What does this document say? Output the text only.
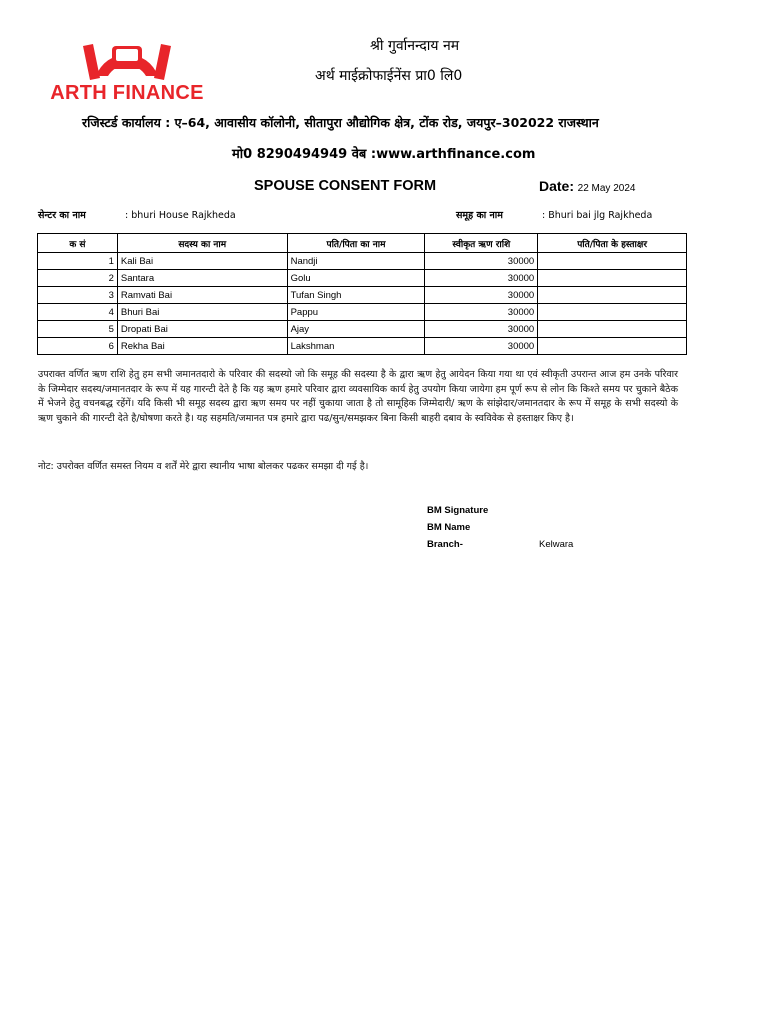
ARTH FINANCE
श्री गुर्वानन्दाय नम
अर्थ माईक्रोफाईनेंस प्रा0 लि0
रजिस्टर्ड कार्यालय : ए–64, आवासीय कॉलोनी, सीतापुरा औद्योगिक क्षेत्र, टोंक रोड, जयपुर–302022 राजस्थान
मो0 8290494949 वेब :www.arthfinance.com
SPOUSE CONSENT FORM	Date: 22 May 2024
सेन्टर का नाम	: bhuri House Rajkheda	समूह का नाम	: Bhuri bai jlg Rajkheda
क सं	सदस्य का नाम	पति/पिता का नाम	स्वीकृत ऋण राशि	पति/पिता के हस्ताक्षर
1	Kali Bai	Nandji	30000	
2	Santara	Golu	30000	
3	Ramvati Bai	Tufan Singh	30000	
4	Bhuri Bai	Pappu	30000	
5	Dropati Bai	Ajay	30000	
6	Rekha Bai	Lakshman	30000	
उपराक्त वर्णित ऋण राशि हेतु हम सभी जमानतदारो के परिवार की सदस्यो जो कि समूह की सदस्या है के द्वारा ऋण हेतु आयेदन किया गया था एवं स्वीकृती उपरान्त आज हम उनके परिवार के जिम्मेदार सदस्य/जमानतदार के रूप में यह गारन्टी देते है कि यह ऋण हमारे परिवार द्वारा व्यवसायिक कार्य हेतु उपयोग किया जायेगा हम पूर्ण रूप से लोन कि किश्ते समय पर चुकाने बैठेक में भेजने हेतु वचनबद्ध रहेंगें। यदि किसी भी समूह सदस्य द्वारा ऋण समय पर नहीं चुकाया जाता है तो सामूहिक जिम्मेदारी/ ऋण के सांझेदार/जमानतदार के रूप में समूह के सभी सदस्यो के ऋण चुकाने की गारन्टी देते है/घोषणा करते है। यह सहमति/जमानत पत्र हमारे द्वारा पढ/सुन/समझकर बिना किसी बाहरी दबाव के स्वविवेक से हस्ताक्षर किए है।
नोट: उपरोक्त वर्णित समस्त नियम व शर्तें मेरे द्वारा स्थानीय भाषा बोलकर पढकर समझा दी गई है।
BM Signature
BM Name
Branch-	Kelwara
